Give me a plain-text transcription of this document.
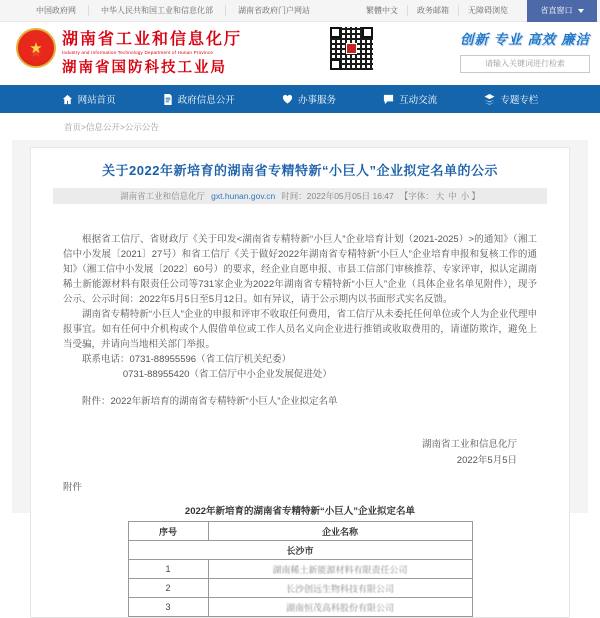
中国政府网	中华人民共和国工业和信息化部	湖南省政府门户网站	繁體中文	政务邮箱	无障碍浏览	省直窗口
★ 湖南省工业和信息化厅
Industry and Information Technology Department of Hunan Province
湖南省国防科技工业局
创新 专业 高效 廉洁
请输入关键词进行检索
网站首页	政府信息公开	办事服务	互动交流	专题专栏
首页>信息公开>公示公告
关于2022年新培育的湖南省专精特新“小巨人”企业拟定名单的公示
湖南省工业和信息化厅 gxt.hunan.gov.cn 时间：2022年05月05日 16:47 【字体： 大 中 小 】

根据省工信厅、省财政厅《关于印发<湖南省专精特新“小巨人”企业培育计划（2021-2025）>的通知》（湘工信中小发展〔2021〕27号）和省工信厅《关于做好2022年湖南省专精特新“小巨人”企业培育申报和复核工作的通知》（湘工信中小发展〔2022〕60号）的要求，经企业自愿申报、市县工信部门审核推荐、专家评审，拟认定湖南稀土新能源材料有限责任公司等731家企业为2022年湖南省专精特新“小巨人”企业（具体企业名单见附件），现予公示、公示时间：2022年5月5日至5月12日。如有异议，请于公示期内以书面形式实名反馈。

湖南省专精特新“小巨人”企业的申报和评审不收取任何费用，省工信厅从未委托任何单位或个人为企业代理申报事宜。如有任何中介机构或个人假借单位或工作人员名义向企业进行推销或收取费用的，请谨防欺诈，避免上当受骗，并请向当地相关部门举报。

联系电话：0731-88955596（省工信厅机关纪委）
0731-88955420（省工信厅中小企业发展促进处）
附件：2022年新培育的湖南省专精特新“小巨人”企业拟定名单
湖南省工业和信息化厅
2022年5月5日
附件
2022年新培育的湖南省专精特新“小巨人”企业拟定名单
序号	企业名称
长沙市	
1	湖南稀土新能源材料有限责任公司
2	长沙创远生物科技有限公司
3	湖南恒茂高科股份有限公司
